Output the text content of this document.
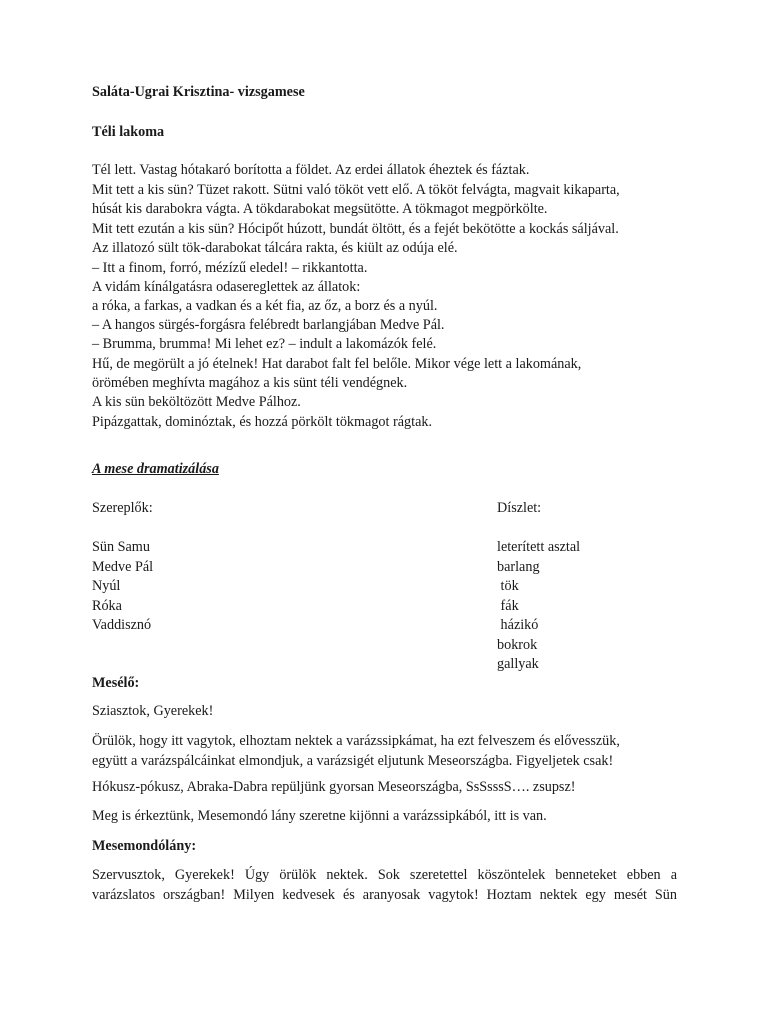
Saláta-Ugrai Krisztina- vizsgamese
Téli lakoma
Tél lett. Vastag hótakaró borította a földet. Az erdei állatok éheztek és fáztak.
Mit tett a kis sün? Tüzet rakott. Sütni való tököt vett elő. A tököt felvágta, magvait kikaparta,
húsát kis darabokra vágta. A tökdarabokat megsütötte. A tökmagot megpörkölte.
Mit tett ezután a kis sün? Hócipőt húzott, bundát öltött, és a fejét bekötötte a kockás sáljával.
Az illatozó sült tök-darabokat tálcára rakta, és kiült az odúja elé.
– Itt a finom, forró, mézízű eledel! – rikkantotta.
A vidám kínálgatásra odasereglettek az állatok:
a róka, a farkas, a vadkan és a két fia, az őz, a borz és a nyúl.
– A hangos sürgés-forgásra felébredt barlangjában Medve Pál.
– Brumma, brumma! Mi lehet ez? – indult a lakomázók felé.
Hű, de megörült a jó ételnek! Hat darabot falt fel belőle. Mikor vége lett a lakomának,
örömében meghívta magához a kis sünt téli vendégnek.
A kis sün beköltözött Medve Pálhoz.
Pipázgattak, dominóztak, és hozzá pörkölt tökmagot rágtak.
A mese dramatizálása
Szereplők:
Sün Samu
Medve Pál
Nyúl
Róka
Vaddisznó
Díszlet:
leterített asztal
barlang
tök
fák
házikó
bokrok
gallyak
Mesélő:
Sziasztok, Gyerekek!
Örülök, hogy itt vagytok, elhoztam nektek a varázssipkámat, ha ezt felveszem és elővesszük,
együtt a varázspálcáinkat elmondjuk, a varázsigét eljutunk Meseországba. Figyeljetek csak!
Hókusz-pókusz, Abraka-Dabra repüljünk gyorsan Meseországba, SsSsssS…. zsupsz!
Meg is érkeztünk, Mesemondó lány szeretne kijönni a varázssipkából, itt is van.
Mesemondólány:
Szervusztok, Gyerekek! Úgy örülök nektek. Sok szeretettel köszöntelek benneteket ebben a
varázslatos országban! Milyen kedvesek és aranyosak vagytok! Hoztam nektek egy mesét Sün
